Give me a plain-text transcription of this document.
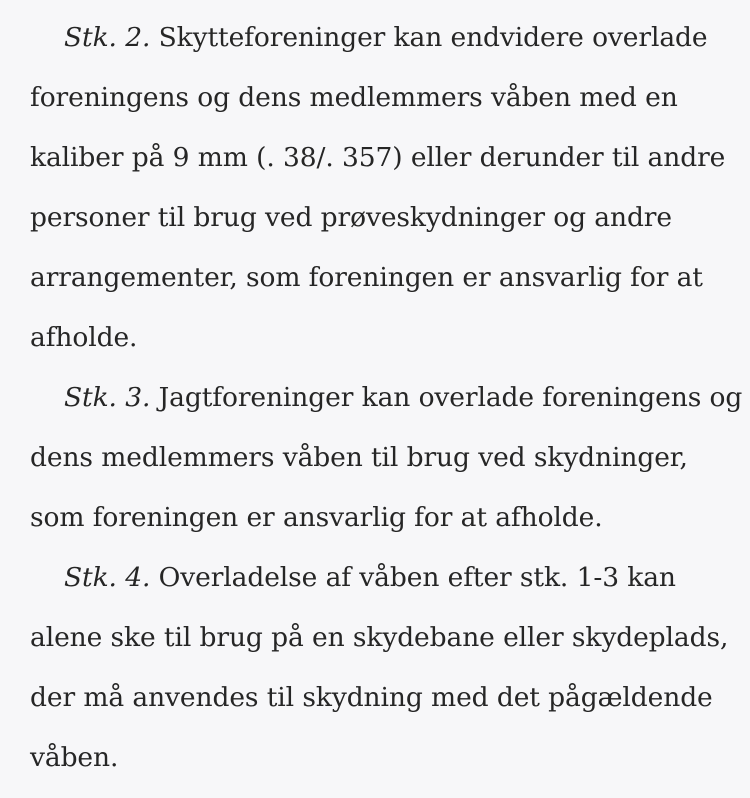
Stk. 2. Skytteforeninger kan endvidere overlade
foreningens og dens medlemmers våben med en
kaliber på 9 mm (. 38/. 357) eller derunder til andre
personer til brug ved prøveskydninger og andre
arrangementer, som foreningen er ansvarlig for at
afholde.
Stk. 3. Jagtforeninger kan overlade foreningens og
dens medlemmers våben til brug ved skydninger,
som foreningen er ansvarlig for at afholde.
Stk. 4. Overladelse af våben efter stk. 1-3 kan
alene ske til brug på en skydebane eller skydeplads,
der må anvendes til skydning med det pågældende
våben.
